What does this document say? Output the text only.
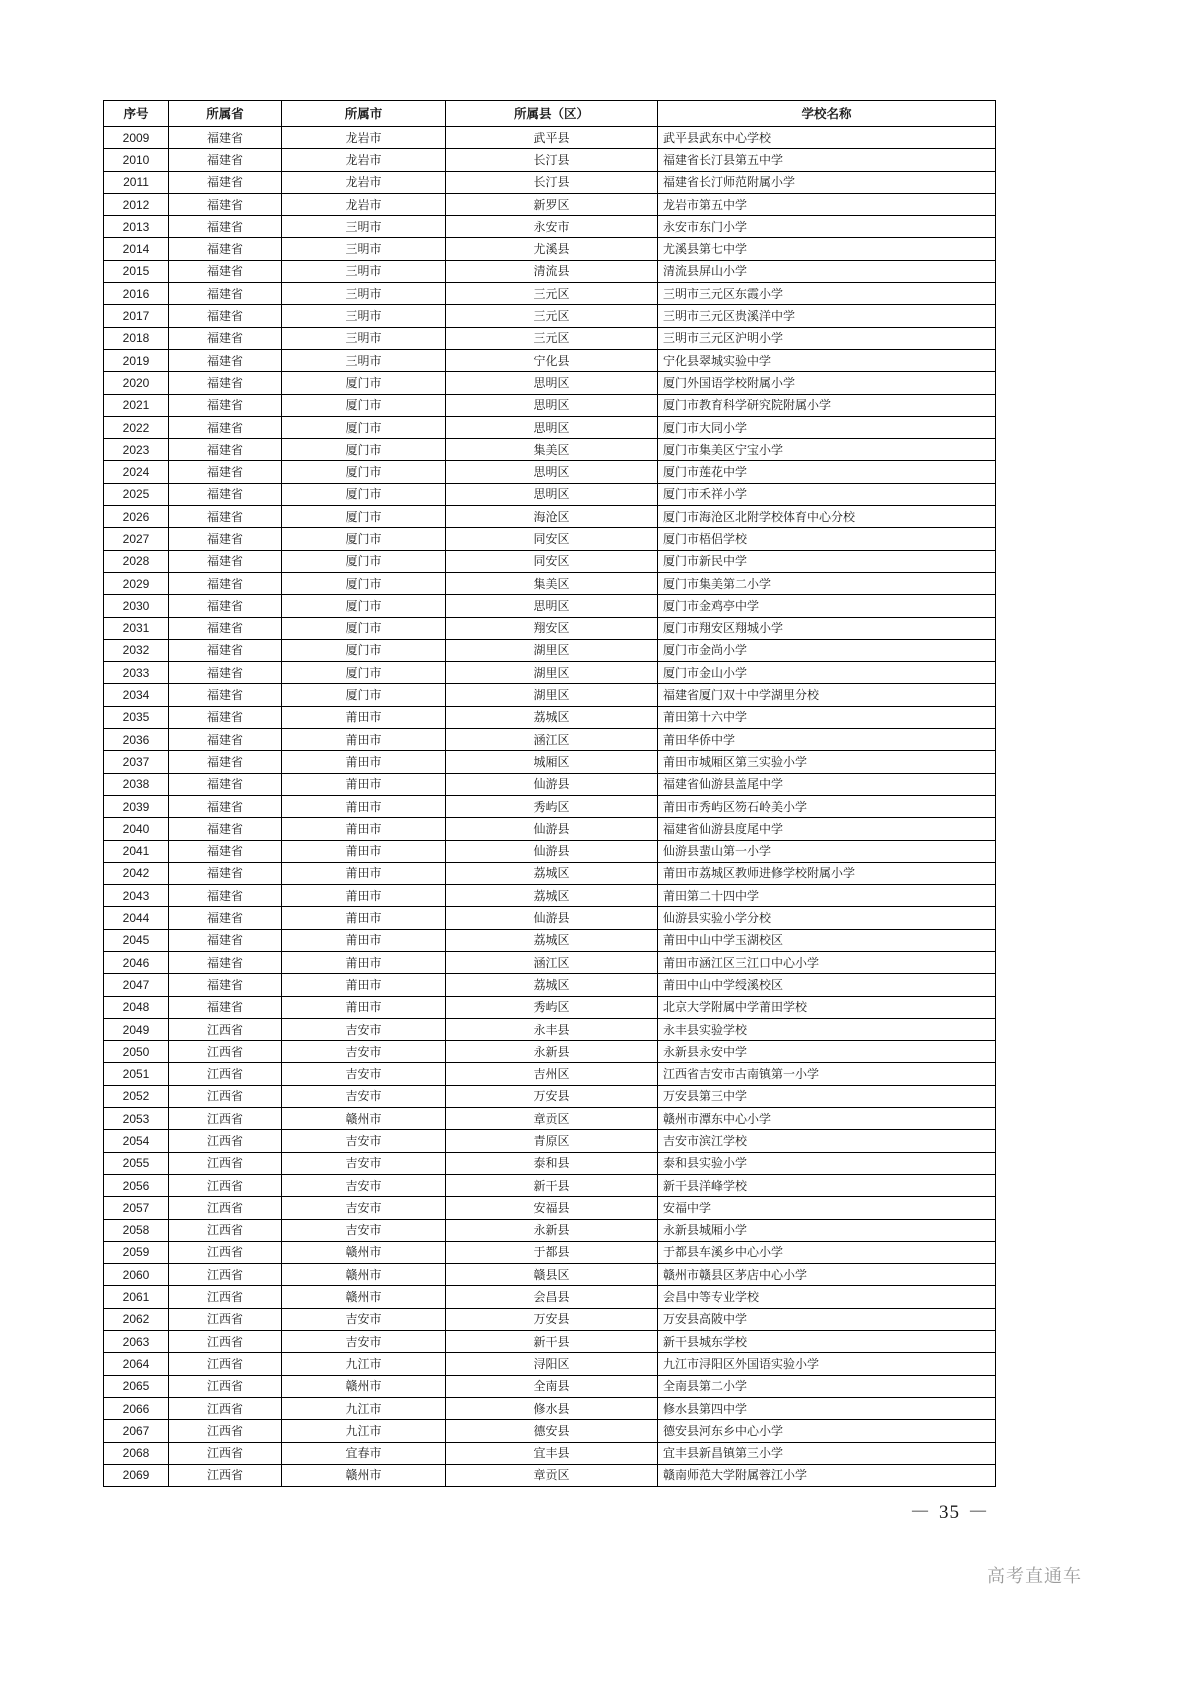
序号	所属省	所属市	所属县（区）	学校名称
2009	福建省	龙岩市	武平县	武平县武东中心学校
2010	福建省	龙岩市	长汀县	福建省长汀县第五中学
2011	福建省	龙岩市	长汀县	福建省长汀师范附属小学
2012	福建省	龙岩市	新罗区	龙岩市第五中学
2013	福建省	三明市	永安市	永安市东门小学
2014	福建省	三明市	尤溪县	尤溪县第七中学
2015	福建省	三明市	清流县	清流县屏山小学
2016	福建省	三明市	三元区	三明市三元区东霞小学
2017	福建省	三明市	三元区	三明市三元区贵溪洋中学
2018	福建省	三明市	三元区	三明市三元区沪明小学
2019	福建省	三明市	宁化县	宁化县翠城实验中学
2020	福建省	厦门市	思明区	厦门外国语学校附属小学
2021	福建省	厦门市	思明区	厦门市教育科学研究院附属小学
2022	福建省	厦门市	思明区	厦门市大同小学
2023	福建省	厦门市	集美区	厦门市集美区宁宝小学
2024	福建省	厦门市	思明区	厦门市莲花中学
2025	福建省	厦门市	思明区	厦门市禾祥小学
2026	福建省	厦门市	海沧区	厦门市海沧区北附学校体育中心分校
2027	福建省	厦门市	同安区	厦门市梧侣学校
2028	福建省	厦门市	同安区	厦门市新民中学
2029	福建省	厦门市	集美区	厦门市集美第二小学
2030	福建省	厦门市	思明区	厦门市金鸡亭中学
2031	福建省	厦门市	翔安区	厦门市翔安区翔城小学
2032	福建省	厦门市	湖里区	厦门市金尚小学
2033	福建省	厦门市	湖里区	厦门市金山小学
2034	福建省	厦门市	湖里区	福建省厦门双十中学湖里分校
2035	福建省	莆田市	荔城区	莆田第十六中学
2036	福建省	莆田市	涵江区	莆田华侨中学
2037	福建省	莆田市	城厢区	莆田市城厢区第三实验小学
2038	福建省	莆田市	仙游县	福建省仙游县盖尾中学
2039	福建省	莆田市	秀屿区	莆田市秀屿区笏石岭美小学
2040	福建省	莆田市	仙游县	福建省仙游县度尾中学
2041	福建省	莆田市	仙游县	仙游县蜚山第一小学
2042	福建省	莆田市	荔城区	莆田市荔城区教师进修学校附属小学
2043	福建省	莆田市	荔城区	莆田第二十四中学
2044	福建省	莆田市	仙游县	仙游县实验小学分校
2045	福建省	莆田市	荔城区	莆田中山中学玉湖校区
2046	福建省	莆田市	涵江区	莆田市涵江区三江口中心小学
2047	福建省	莆田市	荔城区	莆田中山中学绶溪校区
2048	福建省	莆田市	秀屿区	北京大学附属中学莆田学校
2049	江西省	吉安市	永丰县	永丰县实验学校
2050	江西省	吉安市	永新县	永新县永安中学
2051	江西省	吉安市	吉州区	江西省吉安市古南镇第一小学
2052	江西省	吉安市	万安县	万安县第三中学
2053	江西省	赣州市	章贡区	赣州市潭东中心小学
2054	江西省	吉安市	青原区	吉安市滨江学校
2055	江西省	吉安市	泰和县	泰和县实验小学
2056	江西省	吉安市	新干县	新干县洋峰学校
2057	江西省	吉安市	安福县	安福中学
2058	江西省	吉安市	永新县	永新县城厢小学
2059	江西省	赣州市	于都县	于都县车溪乡中心小学
2060	江西省	赣州市	赣县区	赣州市赣县区茅店中心小学
2061	江西省	赣州市	会昌县	会昌中等专业学校
2062	江西省	吉安市	万安县	万安县高陂中学
2063	江西省	吉安市	新干县	新干县城东学校
2064	江西省	九江市	浔阳区	九江市浔阳区外国语实验小学
2065	江西省	赣州市	全南县	全南县第二小学
2066	江西省	九江市	修水县	修水县第四中学
2067	江西省	九江市	德安县	德安县河东乡中心小学
2068	江西省	宜春市	宜丰县	宜丰县新昌镇第三小学
2069	江西省	赣州市	章贡区	赣南师范大学附属蓉江小学
— 35 —
高考直通车
